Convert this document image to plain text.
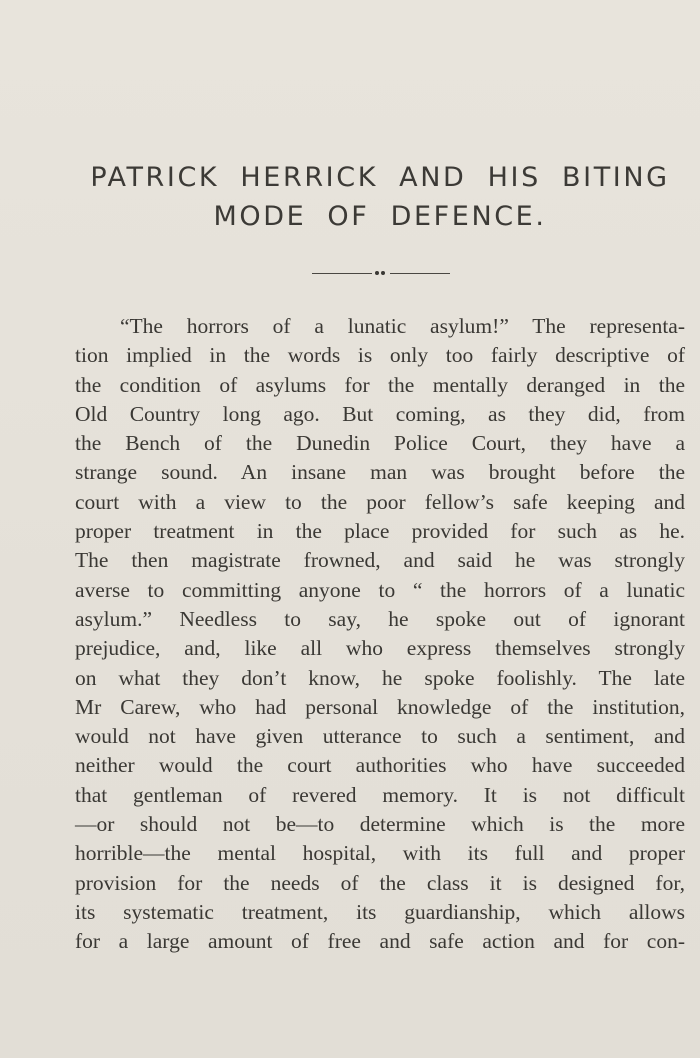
PATRICK HERRICK AND HIS BITING
MODE OF DEFENCE.
“The horrors of a lunatic asylum!” The representa-
tion implied in the words is only too fairly descriptive of
the condition of asylums for the mentally deranged in the
Old Country long ago. But coming, as they did, from
the Bench of the Dunedin Police Court, they have a
strange sound. An insane man was brought before the
court with a view to the poor fellow’s safe keeping and
proper treatment in the place provided for such as he.
The then magistrate frowned, and said he was strongly
averse to committing anyone to “ the horrors of a lunatic
asylum.” Needless to say, he spoke out of ignorant
prejudice, and, like all who express themselves strongly
on what they don’t know, he spoke foolishly. The late
Mr Carew, who had personal knowledge of the institution,
would not have given utterance to such a sentiment, and
neither would the court authorities who have succeeded
that gentleman of revered memory. It is not difficult
—or should not be—to determine which is the more
horrible—the mental hospital, with its full and proper
provision for the needs of the class it is designed for,
its systematic treatment, its guardianship, which allows
for a large amount of free and safe action and for con-
